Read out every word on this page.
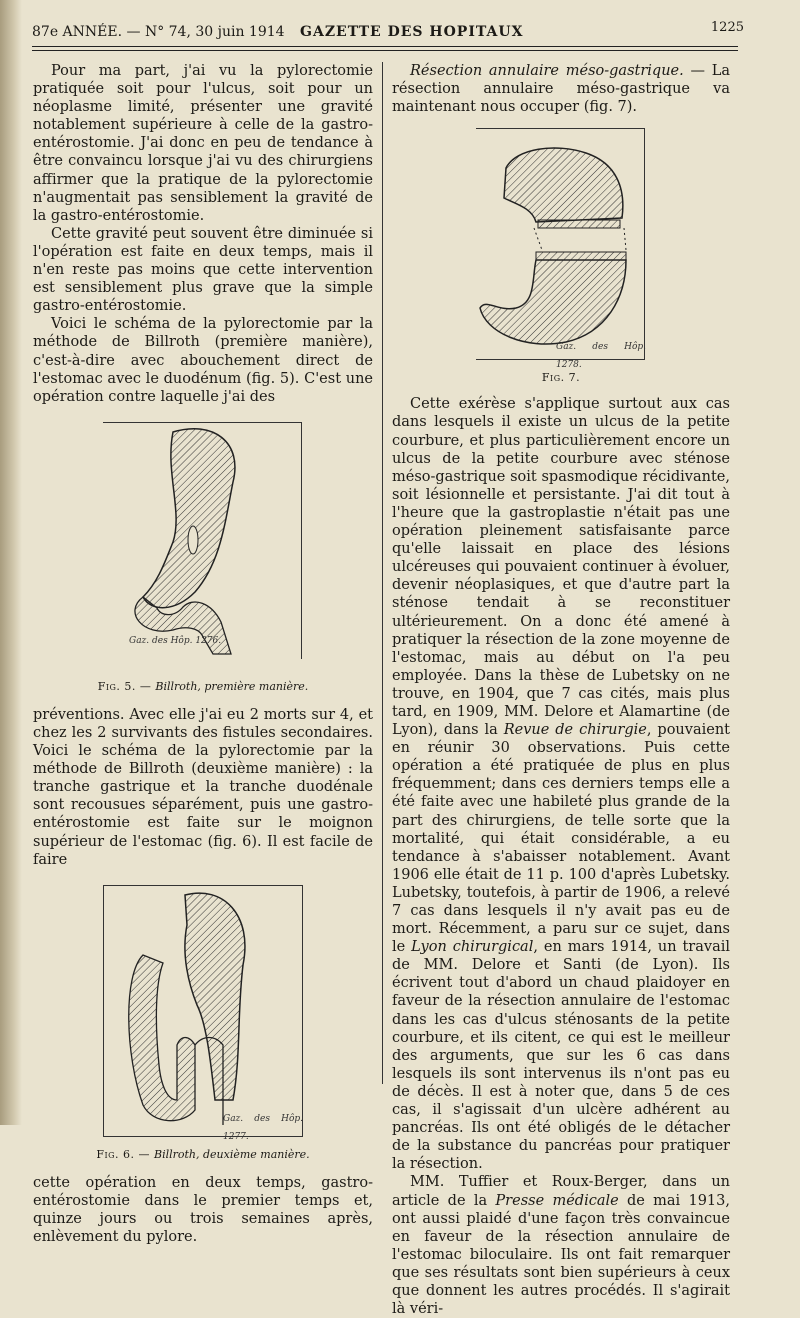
87e ANNÉE. — N° 74, 30 juin 1914 GAZETTE DES HOPITAUX	1225

Pour ma part, j'ai vu la pylorectomie pratiquée soit pour l'ulcus, soit pour un néoplasme limité, présenter une gravité notablement supérieure à celle de la gastro-entérostomie. J'ai donc en peu de tendance à être convaincu lorsque j'ai vu des chirurgiens affirmer que la pratique de la pylorectomie n'augmentait pas sensiblement la gravité de la gastro-entérostomie.

Cette gravité peut souvent être diminuée si l'opération est faite en deux temps, mais il n'en reste pas moins que cette intervention est sensiblement plus grave que la simple gastro-entérostomie.

Voici le schéma de la pylorectomie par la méthode de Billroth (première manière), c'est-à-dire avec abouchement direct de l'estomac avec le duodénum (fig. 5). C'est une opération contre laquelle j'ai des

Gaz. des Hôp. 1276.
Fig. 5. — Billroth, première manière.

préventions. Avec elle j'ai eu 2 morts sur 4, et chez les 2 survivants des fistules secondaires. Voici le schéma de la pylorectomie par la méthode de Billroth (deuxième manière) : la tranche gastrique et la tranche duodénale sont recousues séparément, puis une gastro-entérostomie est faite sur le moignon supérieur de l'estomac (fig. 6). Il est facile de faire

Gaz. des Hôp. 1277.
Fig. 6. — Billroth, deuxième manière.

cette opération en deux temps, gastro-entérostomie dans le premier temps et, quinze jours ou trois semaines après, enlèvement du pylore.

Résection annulaire méso-gastrique. — La résection annulaire méso-gastrique va maintenant nous occuper (fig. 7).

Gaz. des Hôp. 1278.
Fig. 7.

Cette exérèse s'applique surtout aux cas dans lesquels il existe un ulcus de la petite courbure, et plus particulièrement encore un ulcus de la petite courbure avec sténose méso-gastrique soit spasmodique récidivante, soit lésionnelle et persistante. J'ai dit tout à l'heure que la gastroplastie n'était pas une opération pleinement satisfaisante parce qu'elle laissait en place des lésions ulcéreuses qui pouvaient continuer à évoluer, devenir néoplasiques, et que d'autre part la sténose tendait à se reconstituer ultérieurement. On a donc été amené à pratiquer la résection de la zone moyenne de l'estomac, mais au début on l'a peu employée. Dans la thèse de Lubetsky on ne trouve, en 1904, que 7 cas cités, mais plus tard, en 1909, MM. Delore et Alamartine (de Lyon), dans la Revue de chirurgie, pouvaient en réunir 30 observations. Puis cette opération a été pratiquée de plus en plus fréquemment; dans ces derniers temps elle a été faite avec une habileté plus grande de la part des chirurgiens, de telle sorte que la mortalité, qui était considérable, a eu tendance à s'abaisser notablement. Avant 1906 elle était de 11 p. 100 d'après Lubetsky. Lubetsky, toutefois, à partir de 1906, a relevé 7 cas dans lesquels il n'y avait pas eu de mort. Récemment, a paru sur ce sujet, dans le Lyon chirurgical, en mars 1914, un travail de MM. Delore et Santi (de Lyon). Ils écrivent tout d'abord un chaud plaidoyer en faveur de la résection annulaire de l'estomac dans les cas d'ulcus sténosants de la petite courbure, et ils citent, ce qui est le meilleur des arguments, que sur les 6 cas dans lesquels ils sont intervenus ils n'ont pas eu de décès. Il est à noter que, dans 5 de ces cas, il s'agissait d'un ulcère adhérent au pancréas. Ils ont été obligés de le détacher de la substance du pancréas pour pratiquer la résection.

MM. Tuffier et Roux-Berger, dans un article de la Presse médicale de mai 1913, ont aussi plaidé d'une façon très convaincue en faveur de la résection annulaire de l'estomac biloculaire. Ils ont fait remarquer que ses résultats sont bien supérieurs à ceux que donnent les autres procédés. Il s'agirait là véri-
